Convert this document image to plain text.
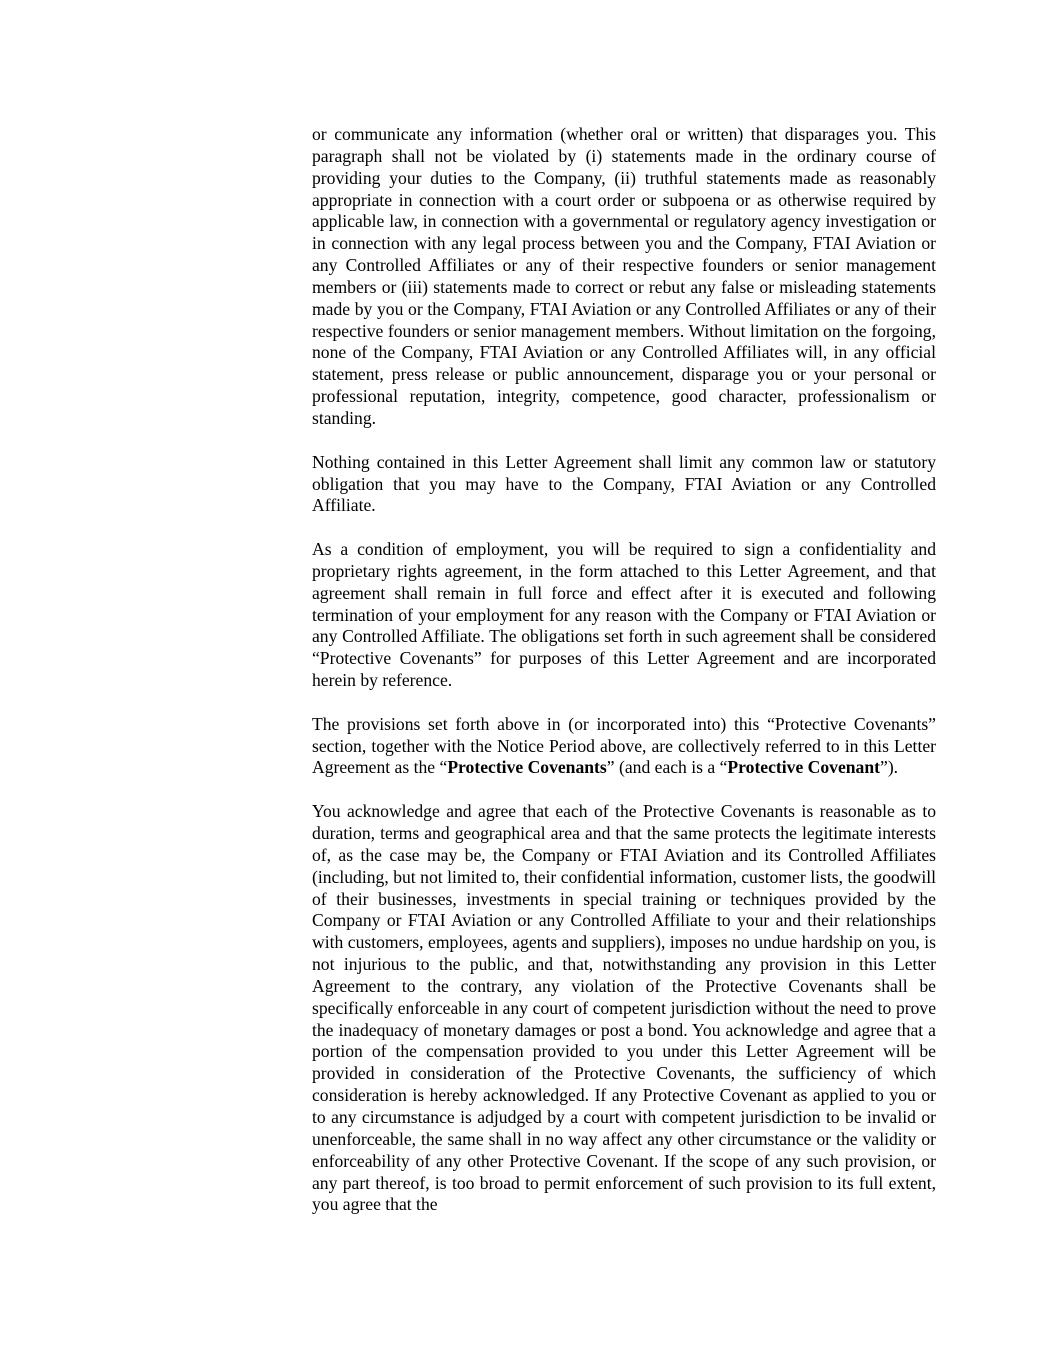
or communicate any information (whether oral or written) that disparages you. This paragraph shall not be violated by (i) statements made in the ordinary course of providing your duties to the Company, (ii) truthful statements made as reasonably appropriate in connection with a court order or subpoena or as otherwise required by applicable law, in connection with a governmental or regulatory agency investigation or in connection with any legal process between you and the Company, FTAI Aviation or any Controlled Affiliates or any of their respective founders or senior management members or (iii) statements made to correct or rebut any false or misleading statements made by you or the Company, FTAI Aviation or any Controlled Affiliates or any of their respective founders or senior management members. Without limitation on the forgoing, none of the Company, FTAI Aviation or any Controlled Affiliates will, in any official statement, press release or public announcement, disparage you or your personal or professional reputation, integrity, competence, good character, professionalism or standing.

Nothing contained in this Letter Agreement shall limit any common law or statutory obligation that you may have to the Company, FTAI Aviation or any Controlled Affiliate.

As a condition of employment, you will be required to sign a confidentiality and proprietary rights agreement, in the form attached to this Letter Agreement, and that agreement shall remain in full force and effect after it is executed and following termination of your employment for any reason with the Company or FTAI Aviation or any Controlled Affiliate. The obligations set forth in such agreement shall be considered “Protective Covenants” for purposes of this Letter Agreement and are incorporated herein by reference.

The provisions set forth above in (or incorporated into) this “Protective Covenants” section, together with the Notice Period above, are collectively referred to in this Letter Agreement as the “Protective Covenants” (and each is a “Protective Covenant”).

You acknowledge and agree that each of the Protective Covenants is reasonable as to duration, terms and geographical area and that the same protects the legitimate interests of, as the case may be, the Company or FTAI Aviation and its Controlled Affiliates (including, but not limited to, their confidential information, customer lists, the goodwill of their businesses, investments in special training or techniques provided by the Company or FTAI Aviation or any Controlled Affiliate to your and their relationships with customers, employees, agents and suppliers), imposes no undue hardship on you, is not injurious to the public, and that, notwithstanding any provision in this Letter Agreement to the contrary, any violation of the Protective Covenants shall be specifically enforceable in any court of competent jurisdiction without the need to prove the inadequacy of monetary damages or post a bond. You acknowledge and agree that a portion of the compensation provided to you under this Letter Agreement will be provided in consideration of the Protective Covenants, the sufficiency of which consideration is hereby acknowledged. If any Protective Covenant as applied to you or to any circumstance is adjudged by a court with competent jurisdiction to be invalid or unenforceable, the same shall in no way affect any other circumstance or the validity or enforceability of any other Protective Covenant. If the scope of any such provision, or any part thereof, is too broad to permit enforcement of such provision to its full extent, you agree that the
